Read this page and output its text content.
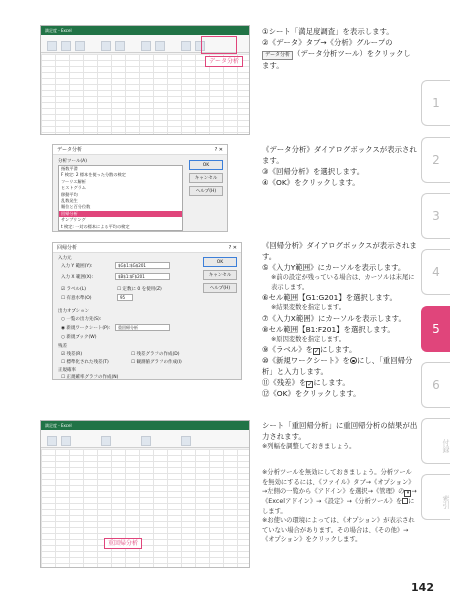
満足度 - Excel
データ分析
データ分析	? ✕
分析ツール(A)
指数平滑
F 検定: 2 標本を使った分散の検定
フーリエ解析
ヒストグラム
移動平均
乱数発生
順位と百分位数
回帰分析
サンプリング
t 検定: 一対の標本による平均の検定
OK
キャンセル
ヘルプ(H)
回帰分析	? ✕
入力元
入力 Y 範囲(Y):	$G$1:$G$201
入力 X 範囲(X):	$B$1:$F$201
☑ ラベル(L)	☐ 定数に 0 を使用(Z)
☐ 有意水準(O)	95
出力オプション
○ 一覧の出力先(S):
◉ 新規ワークシート(P):	重回帰分析
○ 新規ブック(W)
残差
☑ 残差(R)
☐ 標準化された残差(T)
☐ 残差グラフの作成(D)
☐ 観測値グラフの作成(I)
正規確率
☐ 正規確率グラフの作成(N)
OK
キャンセル
ヘルプ(H)
満足度 - Excel
重回帰分析

①シート「満足度調査」を表示します。

②《データ》タブ→《分析》グループの データ分析 （データ分析ツール）をクリックします。

《データ分析》ダイアログボックスが表示されます。

③《回帰分析》を選択します。

④《OK》をクリックします。

《回帰分析》ダイアログボックスが表示されます。

⑤《入力Y範囲》にカーソルを表示します。

※前の設定が残っている場合は、カーソルは末尾に表示します。

⑥セル範囲【G1:G201】を選択します。

※結果変数を指定します。

⑦《入力X範囲》にカーソルを表示します。

⑧セル範囲【B1:F201】を選択します。

※原因変数を指定します。

⑨《ラベル》を✓にします。

⑩《新規ワークシート》を にし、「重回帰分析」と入力します。

⑪《残差》を✓にします。

⑫《OK》をクリックします。

シート「重回帰分析」に重回帰分析の結果が出力されます。

※列幅を調整しておきましょう。

※分析ツールを無効にしておきましょう。分析ツールを無効にするには、《ファイル》タブ→《オプション》→左側の一覧から《アドイン》を選択→《管理》の ▾ →《Excelアドイン》→《設定》→《分析ツール》を にします。

※お使いの環境によっては、《オプション》が表示されていない場合があります。その場合は、《その他》→《オプション》をクリックします。

1
2
3
4
5
6
付録
索引
142
